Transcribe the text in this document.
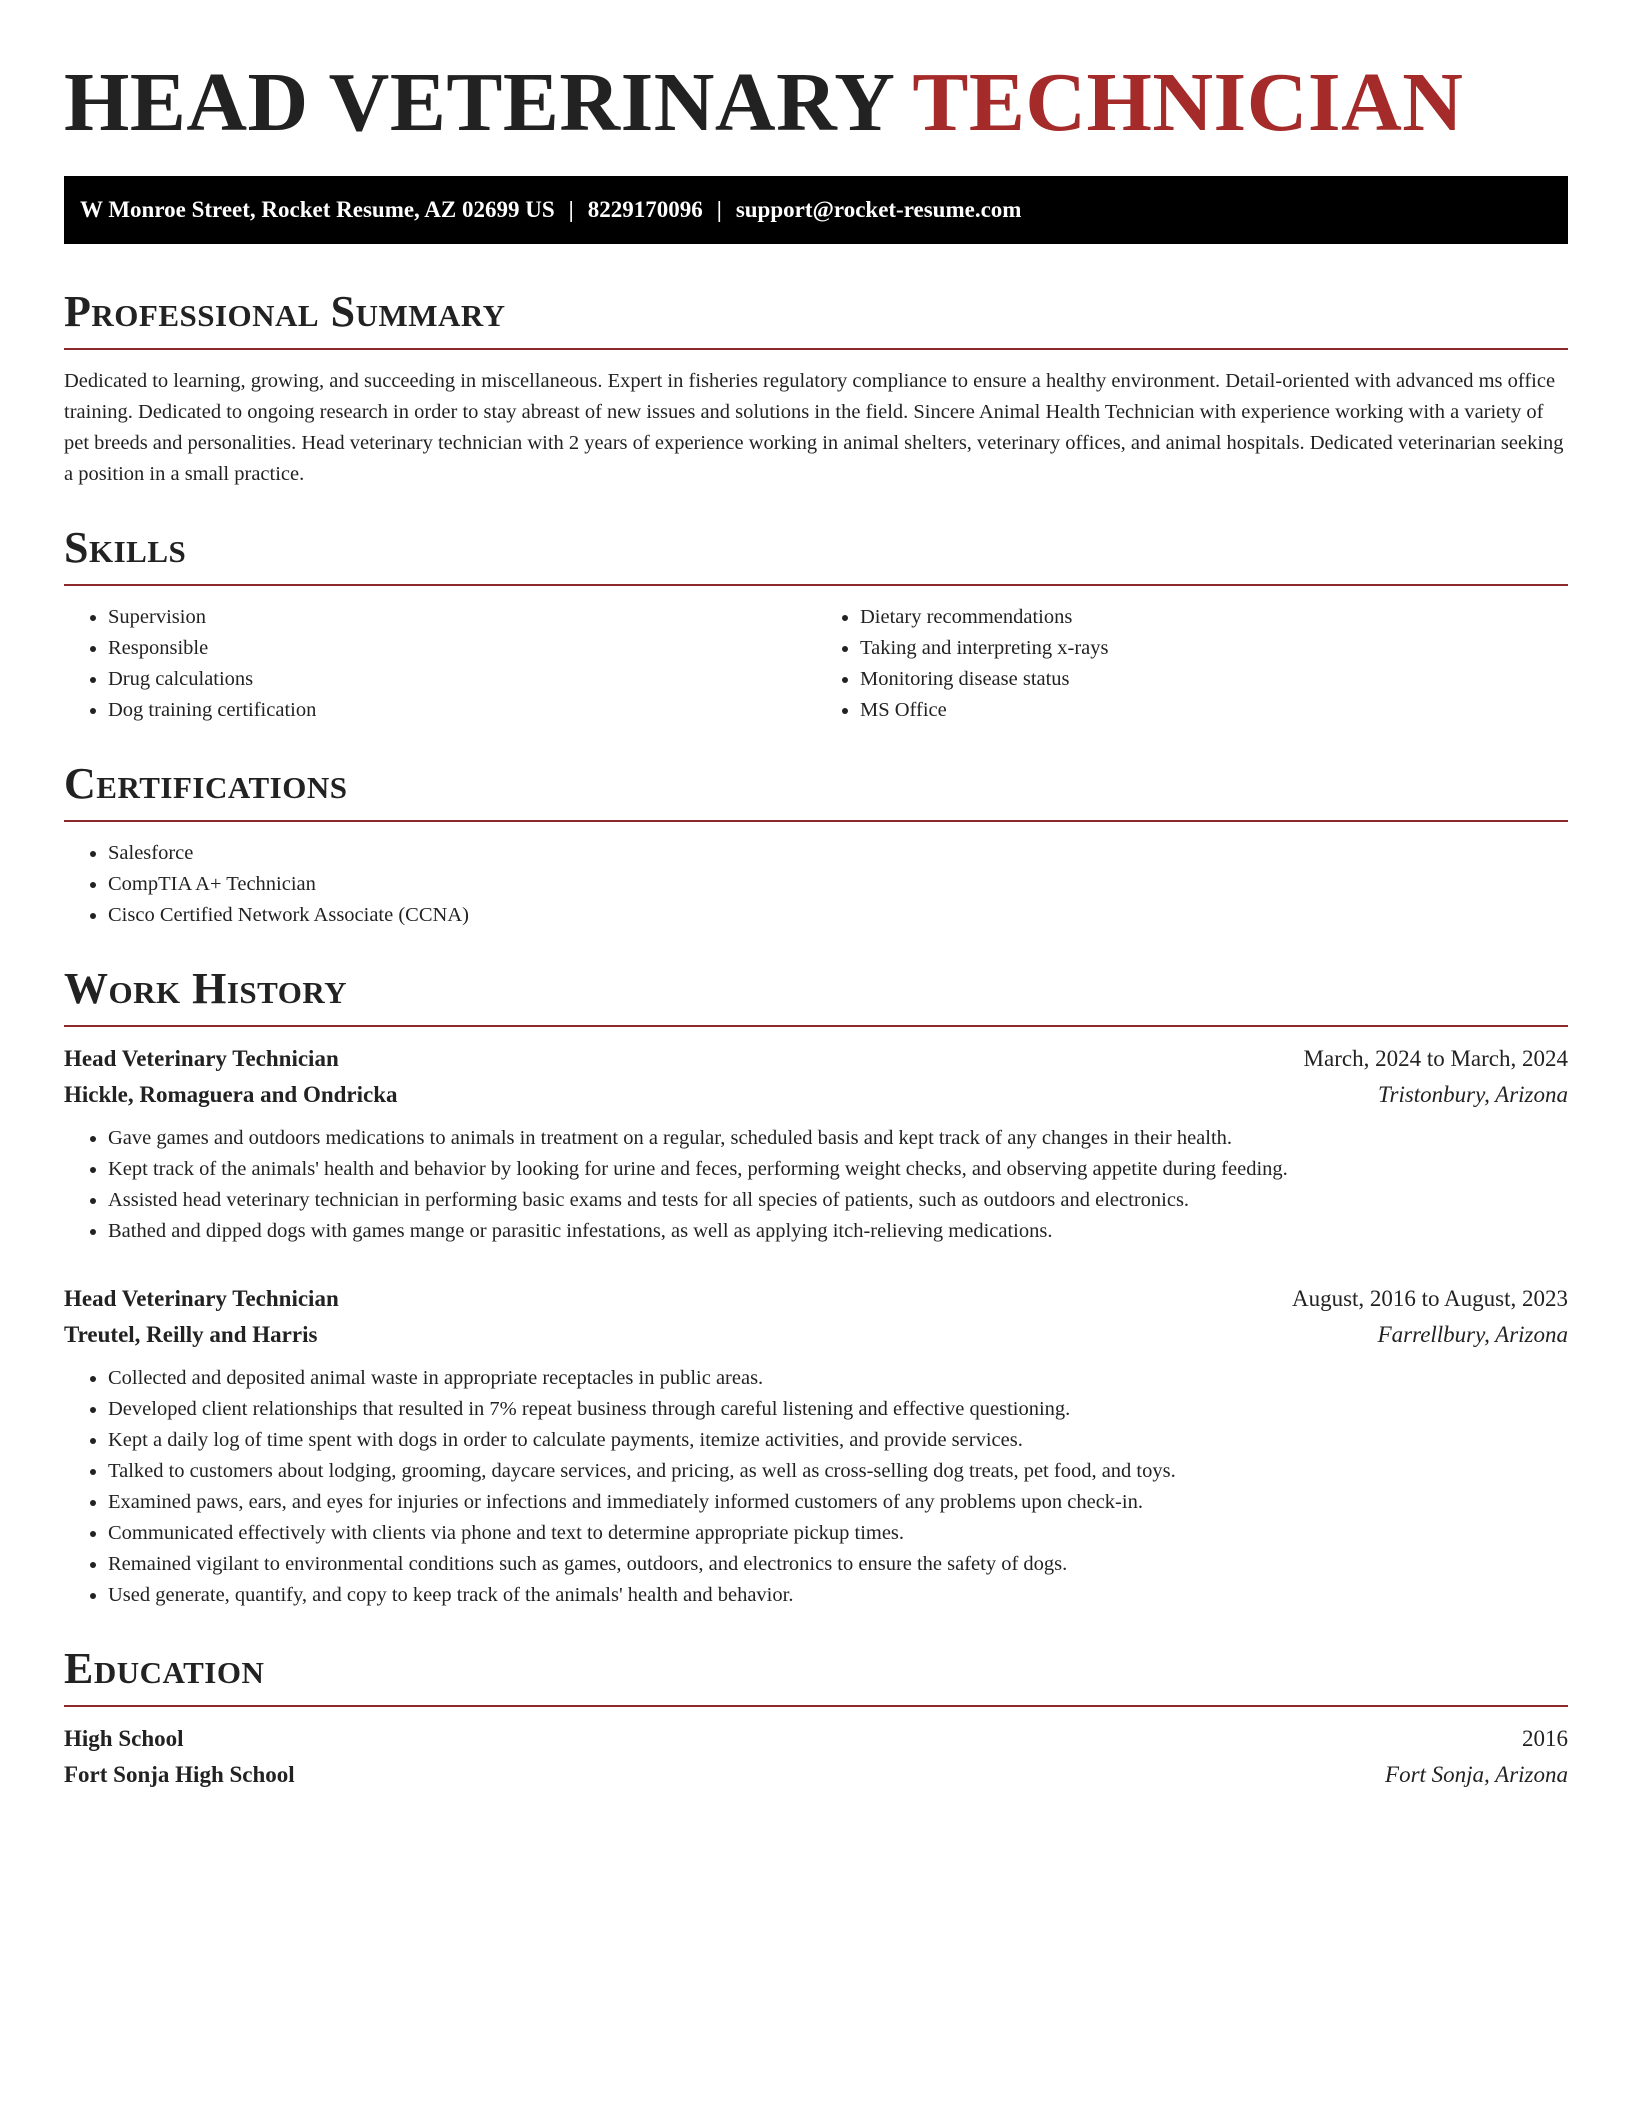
HEAD VETERINARY TECHNICIAN
W Monroe Street, Rocket Resume, AZ 02699 US | 8229170096 | support@rocket-resume.com
Professional Summary

Dedicated to learning, growing, and succeeding in miscellaneous. Expert in fisheries regulatory compliance to ensure a healthy environment. Detail-oriented with advanced ms office training. Dedicated to ongoing research in order to stay abreast of new issues and solutions in the field. Sincere Animal Health Technician with experience working with a variety of pet breeds and personalities. Head veterinary technician with 2 years of experience working in animal shelters, veterinary offices, and animal hospitals. Dedicated veterinarian seeking a position in a small practice.

Skills
• Supervision
• Responsible
• Drug calculations
• Dog training certification
• Dietary recommendations
• Taking and interpreting x-rays
• Monitoring disease status
• MS Office
Certifications
• Salesforce
• CompTIA A+ Technician
• Cisco Certified Network Associate (CCNA)
Work History
Head Veterinary Technician	March, 2024 to March, 2024
Hickle, Romaguera and Ondricka	Tristonbury, Arizona
• Gave games and outdoors medications to animals in treatment on a regular, scheduled basis and kept track of any changes in their health.
• Kept track of the animals' health and behavior by looking for urine and feces, performing weight checks, and observing appetite during feeding.
• Assisted head veterinary technician in performing basic exams and tests for all species of patients, such as outdoors and electronics.
• Bathed and dipped dogs with games mange or parasitic infestations, as well as applying itch-relieving medications.
Head Veterinary Technician	August, 2016 to August, 2023
Treutel, Reilly and Harris	Farrellbury, Arizona
• Collected and deposited animal waste in appropriate receptacles in public areas.
• Developed client relationships that resulted in 7% repeat business through careful listening and effective questioning.
• Kept a daily log of time spent with dogs in order to calculate payments, itemize activities, and provide services.
• Talked to customers about lodging, grooming, daycare services, and pricing, as well as cross-selling dog treats, pet food, and toys.
• Examined paws, ears, and eyes for injuries or infections and immediately informed customers of any problems upon check-in.
• Communicated effectively with clients via phone and text to determine appropriate pickup times.
• Remained vigilant to environmental conditions such as games, outdoors, and electronics to ensure the safety of dogs.
• Used generate, quantify, and copy to keep track of the animals' health and behavior.
Education
High School	2016
Fort Sonja High School	Fort Sonja, Arizona
